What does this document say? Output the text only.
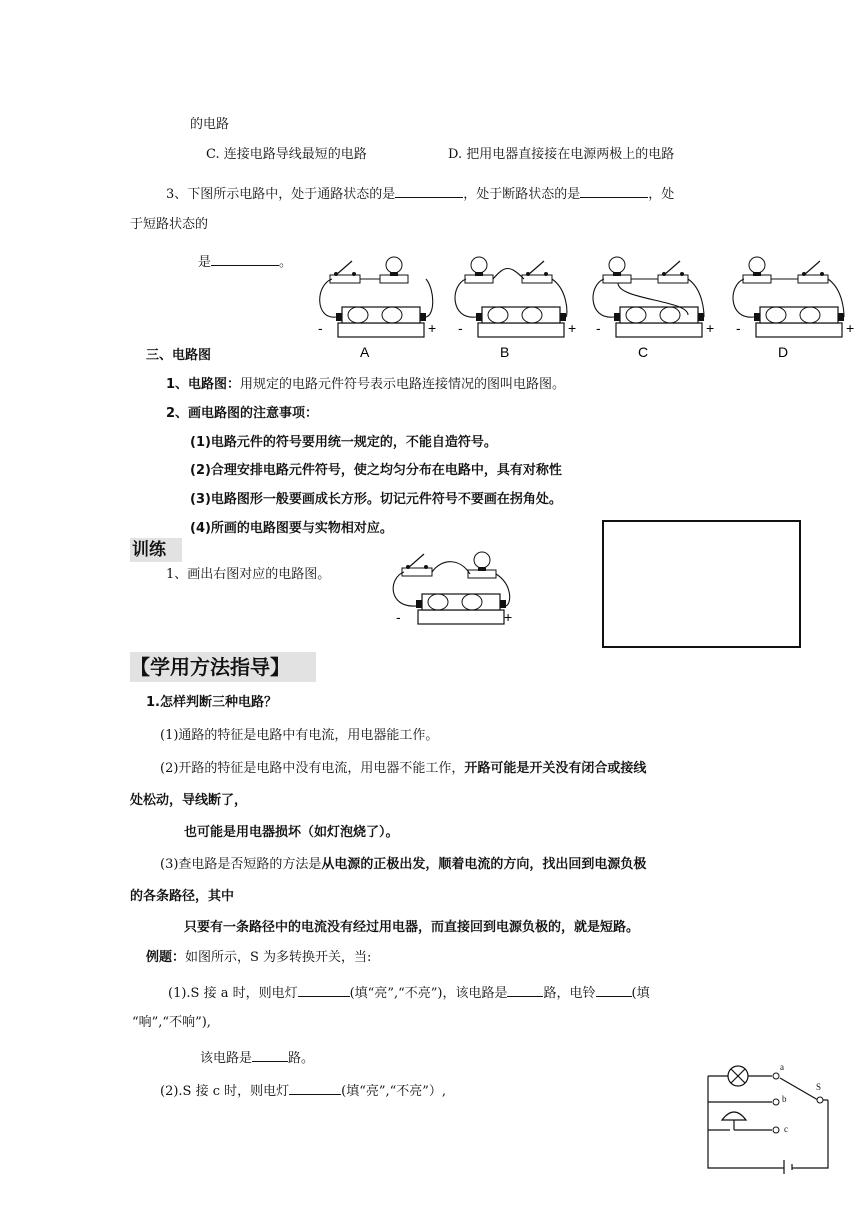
的电路
C. 连接电路导线最短的电路	D. 把用电器直接接在电源两极上的电路
3、下图所示电路中，处于通路状态的是	，处于断路状态的是	，处
于短路状态的
是	。
-	+
A
-	+
B
-	+
C
-	+
D
三、电路图
1、电路图：用规定的电路元件符号表示电路连接情况的图叫电路图。
2、画电路图的注意事项：
(1)电路元件的符号要用统一规定的，不能自造符号。
(2)合理安排电路元件符号，使之均匀分布在电路中，具有对称性
(3)电路图形一般要画成长方形。切记元件符号不要画在拐角处。
(4)所画的电路图要与实物相对应。
训练
1、画出右图对应的电路图。
-	+
【学用方法指导】
1.怎样判断三种电路？
(1)通路的特征是电路中有电流，用电器能工作。
(2)开路的特征是电路中没有电流，用电器不能工作，开路可能是开关没有闭合或接线
处松动，导线断了，
也可能是用电器损坏（如灯泡烧了）。
(3)查电路是否短路的方法是从电源的正极出发，顺着电流的方向，找出回到电源负极
的各条路径，其中
只要有一条路径中的电流没有经过用电器，而直接回到电源负极的，就是短路。
例题：如图所示，S 为多转换开关，当:
(1).S 接 a 时，则电灯	(填“亮”,“不亮”)，该电路是	路，电铃	(填
“响”,“不响”),
该电路是	路。
(2).S 接 c 时，则电灯	(填“亮”,“不亮”）,
a
b
c
S
